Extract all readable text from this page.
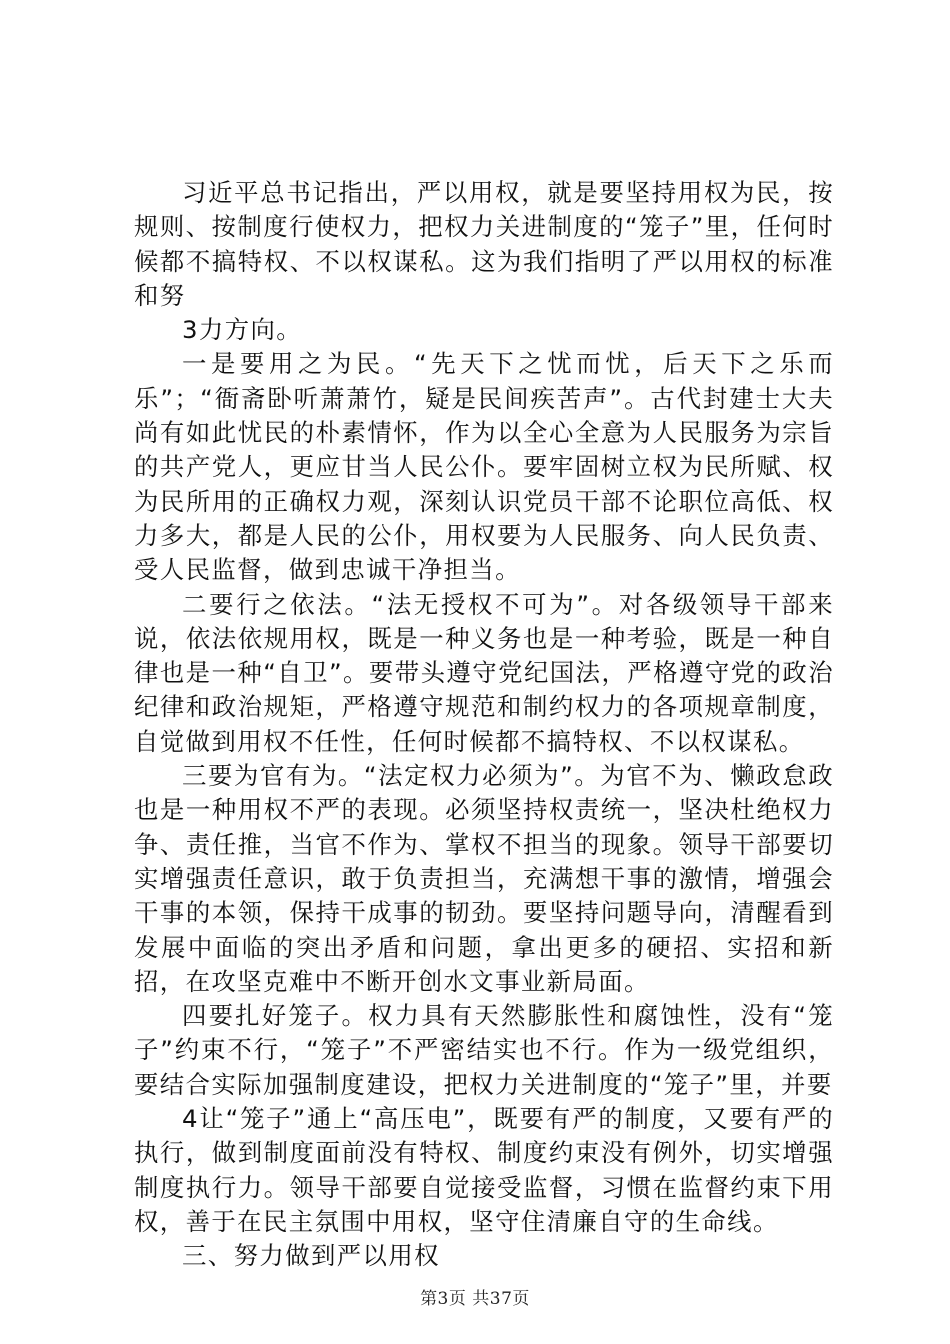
习近平总书记指出，严以用权，就是要坚持用权为民，按规则、按制度行使权力，把权力关进制度的“笼子”里，任何时候都不搞特权、不以权谋私。这为我们指明了严以用权的标准和努

3力方向。

一是要用之为民。“先天下之忧而忧，后天下之乐而乐”；“衙斋卧听萧萧竹，疑是民间疾苦声”。古代封建士大夫尚有如此忧民的朴素情怀，作为以全心全意为人民服务为宗旨的共产党人，更应甘当人民公仆。要牢固树立权为民所赋、权为民所用的正确权力观，深刻认识党员干部不论职位高低、权力多大，都是人民的公仆，用权要为人民服务、向人民负责、受人民监督，做到忠诚干净担当。

二要行之依法。“法无授权不可为”。对各级领导干部来说，依法依规用权，既是一种义务也是一种考验，既是一种自律也是一种“自卫”。要带头遵守党纪国法，严格遵守党的政治纪律和政治规矩，严格遵守规范和制约权力的各项规章制度，自觉做到用权不任性，任何时候都不搞特权、不以权谋私。

三要为官有为。“法定权力必须为”。为官不为、懒政怠政也是一种用权不严的表现。必须坚持权责统一，坚决杜绝权力争、责任推，当官不作为、掌权不担当的现象。领导干部要切实增强责任意识，敢于负责担当，充满想干事的激情，增强会干事的本领，保持干成事的韧劲。要坚持问题导向，清醒看到发展中面临的突出矛盾和问题，拿出更多的硬招、实招和新招，在攻坚克难中不断开创水文事业新局面。

四要扎好笼子。权力具有天然膨胀性和腐蚀性，没有“笼子”约束不行，“笼子”不严密结实也不行。作为一级党组织，要结合实际加强制度建设，把权力关进制度的“笼子”里，并要

4让“笼子”通上“高压电”，既要有严的制度，又要有严的执行，做到制度面前没有特权、制度约束没有例外，切实增强制度执行力。领导干部要自觉接受监督，习惯在监督约束下用权，善于在民主氛围中用权，坚守住清廉自守的生命线。

三、努力做到严以用权

第3页 共37页
